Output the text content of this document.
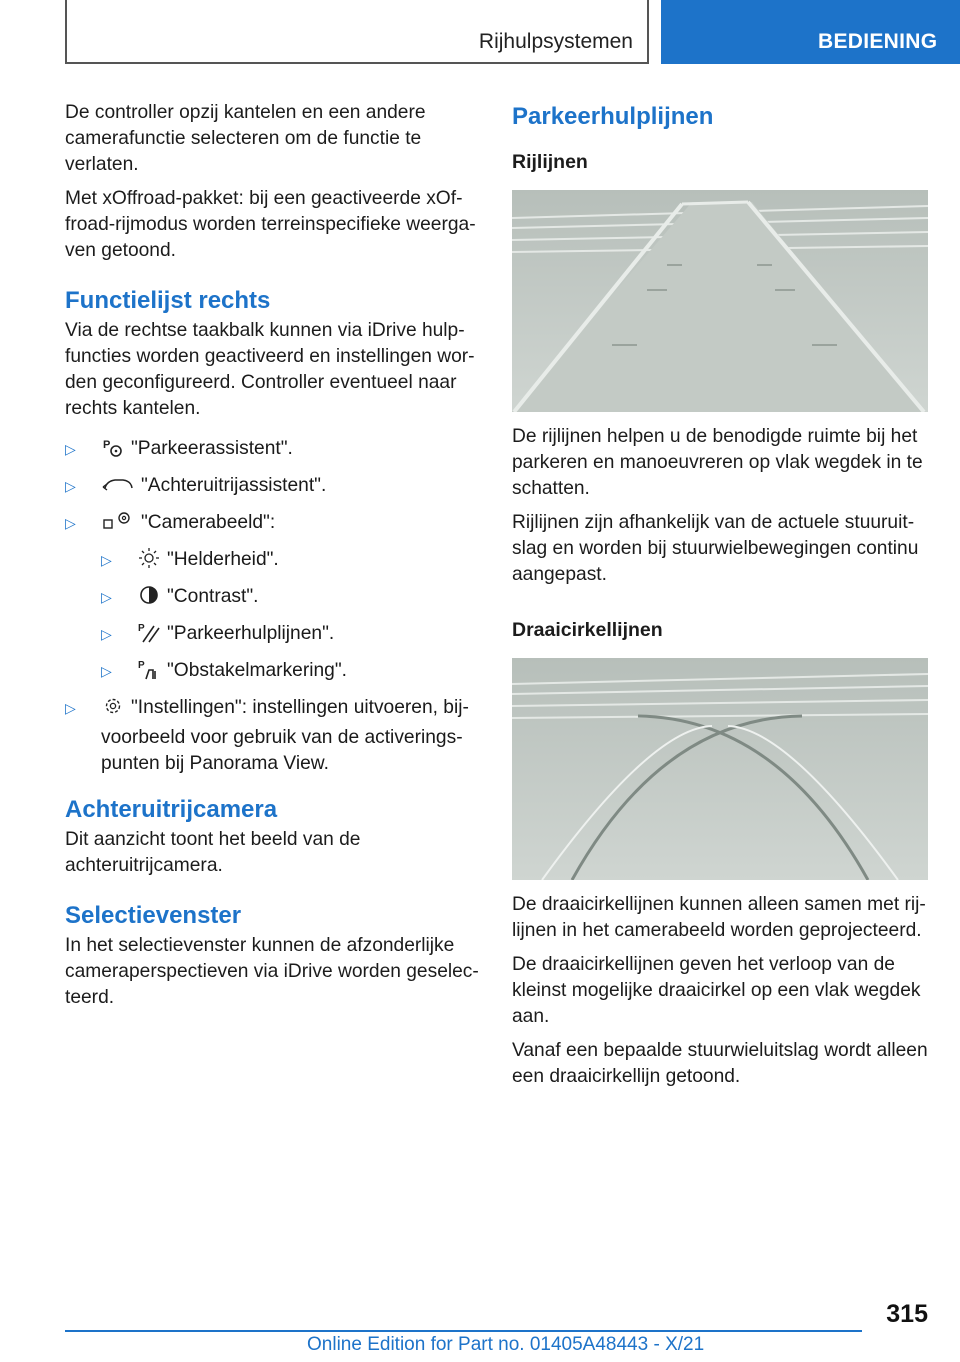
Rijhulpsystemen	BEDIENING

De controller opzij kantelen en een andere camerafunctie selecteren om de functie te verlaten.

Met xOffroad-pakket: bij een geactiveerde xOffroad-rijmodus worden terreinspecifieke weergaven getoond.

Functielijst rechts

Via de rechtse taakbalk kunnen via iDrive hulpfuncties worden geactiveerd en instellingen worden geconfigureerd. Controller eventueel naar rechts kantelen.

▷ P "Parkeerassistent".
▷	"Achteruitrijassistent".
▷	"Camerabeeld":
▷	"Helderheid".
▷	"Contrast".
▷	P "Parkeerhulplijnen".
▷	P "Obstakelmarkering".
▷	"Instellingen": instellingen uitvoeren, bijvoorbeeld voor gebruik van de activeringspunten bij Panorama View.
Achteruitrijcamera

Dit aanzicht toont het beeld van de achteruitrijcamera.

Selectievenster

In het selectievenster kunnen de afzonderlijke cameraperspectieven via iDrive worden geselecteerd.

Parkeerhulplijnen
Rijlijnen

De rijlijnen helpen u de benodigde ruimte bij het parkeren en manoeuvreren op vlak wegdek in te schatten.

Rijlijnen zijn afhankelijk van de actuele stuuruitslag en worden bij stuurwielbewegingen continu aangepast.

Draaicirkellijnen

De draaicirkellijnen kunnen alleen samen met rijlijnen in het camerabeeld worden geprojecteerd.

De draaicirkellijnen geven het verloop van de kleinst mogelijke draaicirkel op een vlak wegdek aan.

Vanaf een bepaalde stuurwieluitslag wordt alleen een draaicirkellijn getoond.

315
Online Edition for Part no. 01405A48443 - X/21
